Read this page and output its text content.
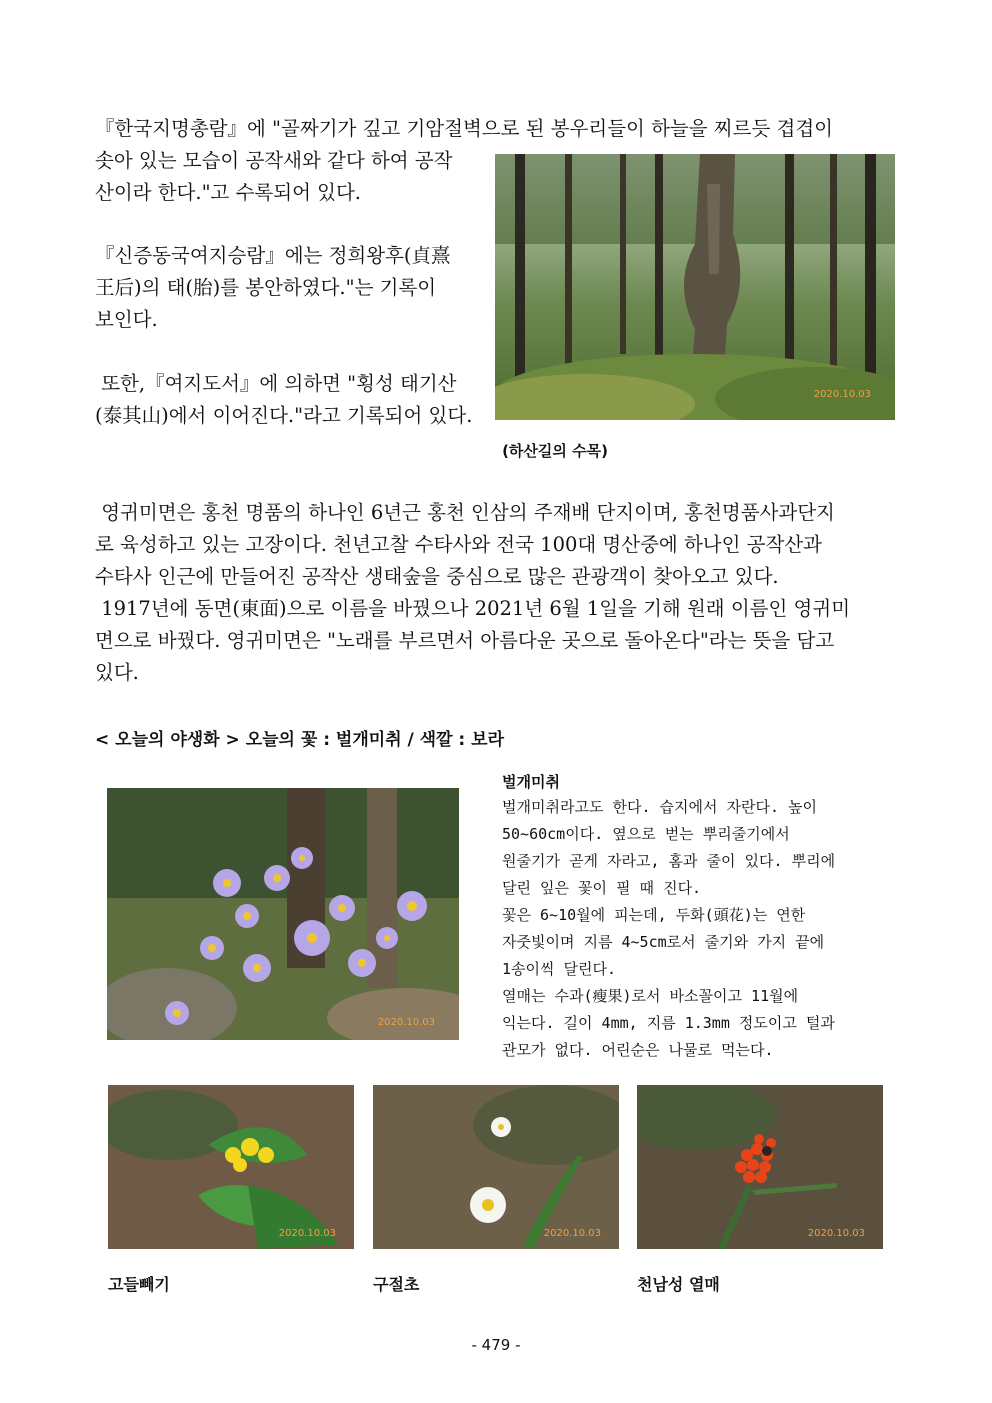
『한국지명총람』에 "골짜기가 깊고 기암절벽으로 된 봉우리들이 하늘을 찌르듯 겹겹이
솟아 있는 모습이 공작새와 같다 하여 공작
산이라 한다."고 수록되어 있다.
『신증동국여지승람』에는 정희왕후(貞熹
王后)의 태(胎)를 봉안하였다."는 기록이
보인다.
또한,『여지도서』에 의하면 "횡성 태기산
(泰其山)에서 이어진다."라고 기록되어 있다.
2020.10.03
(하산길의 수목)
영귀미면은 홍천 명품의 하나인 6년근 홍천 인삼의 주재배 단지이며, 홍천명품사과단지
로 육성하고 있는 고장이다. 천년고찰 수타사와 전국 100대 명산중에 하나인 공작산과
수타사 인근에 만들어진 공작산 생태숲을 중심으로 많은 관광객이 찾아오고 있다.
1917년에 동면(東面)으로 이름을 바꿨으나 2021년 6월 1일을 기해 원래 이름인 영귀미
면으로 바꿨다. 영귀미면은 "노래를 부르면서 아름다운 곳으로 돌아온다"라는 뜻을 담고
있다.
< 오늘의 야생화 > 오늘의 꽃 : 벌개미취 / 색깔 : 보라
2020.10.03
벌개미취
벌개미취라고도 한다. 습지에서 자란다. 높이
50~60cm이다. 옆으로 벋는 뿌리줄기에서
원줄기가 곧게 자라고, 홈과 줄이 있다. 뿌리에
달린 잎은 꽃이 필 때 진다.
꽃은 6~10월에 피는데, 두화(頭花)는 연한
자줏빛이며 지름 4~5cm로서 줄기와 가지 끝에
1송이씩 달린다.
열매는 수과(瘦果)로서 바소꼴이고 11월에
익는다. 길이 4mm, 지름 1.3mm 정도이고 털과
관모가 없다. 어린순은 나물로 먹는다.
2020.10.03
고들빼기
2020.10.03
구절초
2020.10.03
천남성 열매
- 479 -
